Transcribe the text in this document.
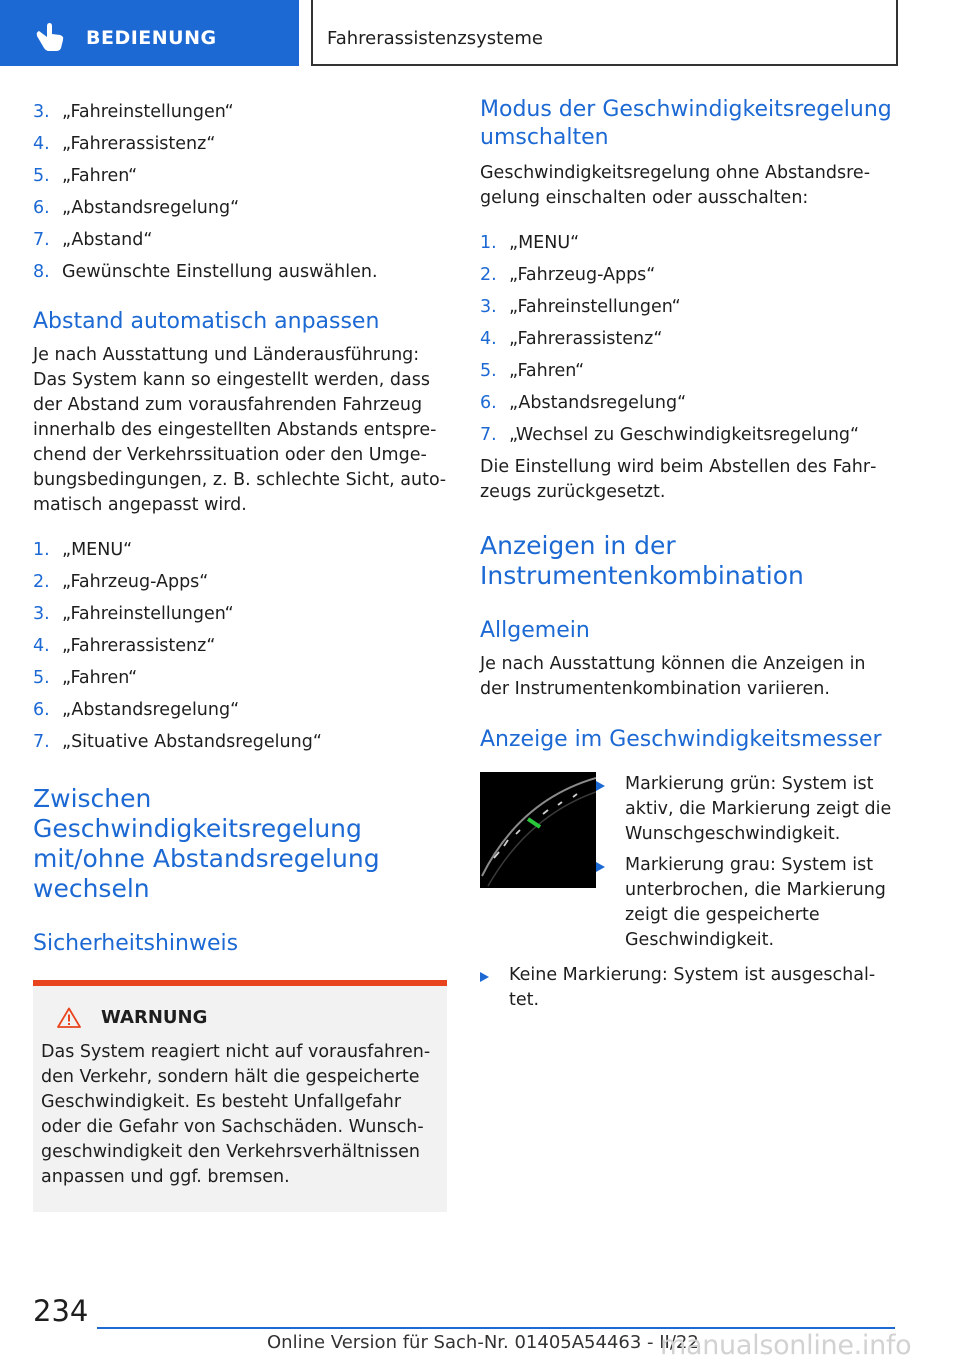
BEDIENUNG	Fahrerassistenzsysteme
3. „Fahreinstellungen“
4. „Fahrerassistenz“
5. „Fahren“
6. „Abstandsregelung“
7. „Abstand“
8. Gewünschte Einstellung auswählen.
Abstand automatisch anpassen

Je nach Ausstattung und Länderausführung: Das System kann so eingestellt werden, dass der Abstand zum vorausfahrenden Fahrzeug innerhalb des eingestellten Abstands entsprechend der Verkehrssituation oder den Umgebungsbedingungen, z. B. schlechte Sicht, automatisch angepasst wird.

1. „MENU“
2. „Fahrzeug-Apps“
3. „Fahreinstellungen“
4. „Fahrerassistenz“
5. „Fahren“
6. „Abstandsregelung“
7. „Situative Abstandsregelung“
Zwischen Geschwindigkeitsregelung mit/ohne Abstandsregelung wechseln
Sicherheitshinweis
WARNUNG

Das System reagiert nicht auf vorausfahrenden Verkehr, sondern hält die gespeicherte Geschwindigkeit. Es besteht Unfallgefahr oder die Gefahr von Sachschäden. Wunschgeschwindigkeit den Verkehrsverhältnissen anpassen und ggf. bremsen.

Modus der Geschwindigkeitsregelung umschalten

Geschwindigkeitsregelung ohne Abstandsregelung einschalten oder ausschalten:

1. „MENU“
2. „Fahrzeug-Apps“
3. „Fahreinstellungen“
4. „Fahrerassistenz“
5. „Fahren“
6. „Abstandsregelung“
7. „Wechsel zu Geschwindigkeitsregelung“

Die Einstellung wird beim Abstellen des Fahrzeugs zurückgesetzt.

Anzeigen in der Instrumentenkombination
Allgemein

Je nach Ausstattung können die Anzeigen in der Instrumentenkombination variieren.

Anzeige im Geschwindigkeitsmesser
Markierung grün: System ist aktiv, die Markierung zeigt die Wunschgeschwindigkeit.
Markierung grau: System ist unterbrochen, die Markierung zeigt die gespeicherte Geschwindigkeit.
Keine Markierung: System ist ausgeschaltet.
234
Online Version für Sach-Nr. 01405A54463 - II/22
manualsonline.info
